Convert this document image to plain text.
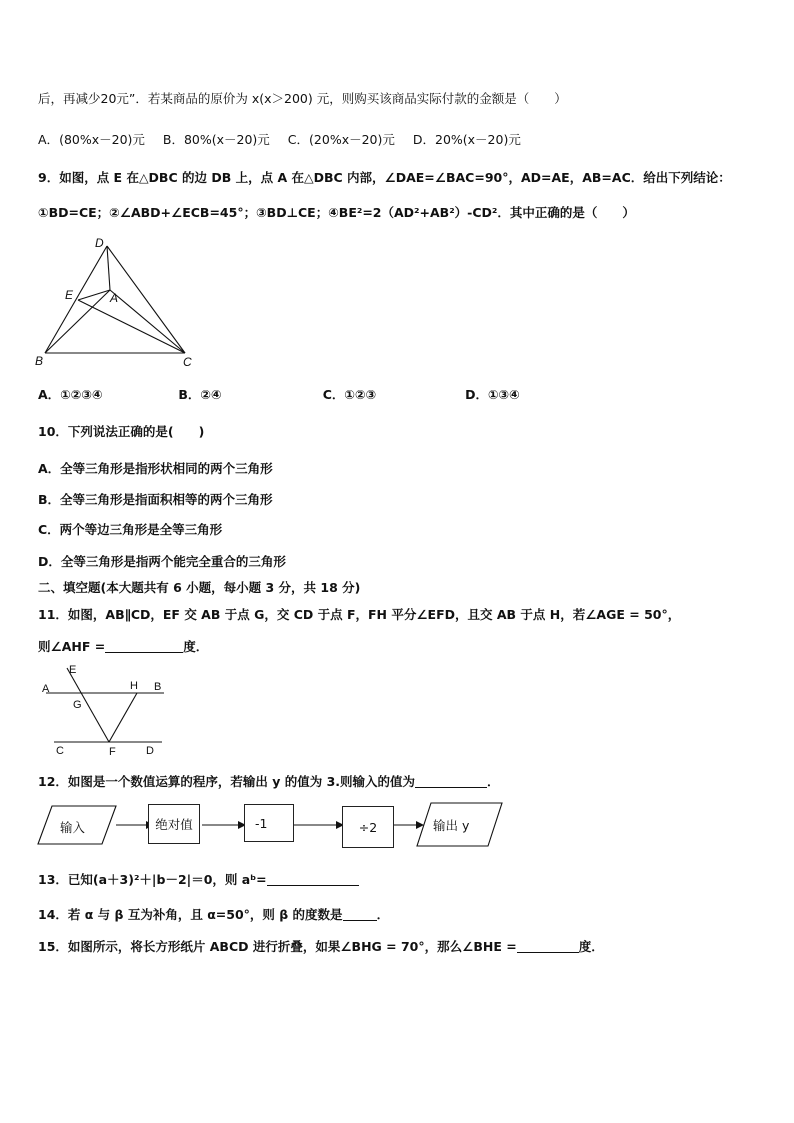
后，再减少20元”．若某商品的原价为 x(x＞200) 元，则购买该商品实际付款的金额是（　　）
A．(80%x－20)元 B．80%(x－20)元 C．(20%x－20)元 D．20%(x－20)元
9．如图，点 E 在△DBC 的边 DB 上，点 A 在△DBC 内部，∠DAE=∠BAC=90°，AD=AE，AB=AC．给出下列结论：
①BD=CE；②∠ABD+∠ECB=45°；③BD⊥CE；④BE²=2（AD²+AB²）-CD²．其中正确的是（　　）
D
E	A
B	C
A．①②③④	B．②④	C．①②③	D．①③④
10．下列说法正确的是(　　)
A．全等三角形是指形状相同的两个三角形
B．全等三角形是指面积相等的两个三角形
C．两个等边三角形是全等三角形
D．全等三角形是指两个能完全重合的三角形
二、填空题(本大题共有 6 小题，每小题 3 分，共 18 分)
11．如图，AB∥CD，EF 交 AB 于点 G，交 CD 于点 F，FH 平分∠EFD，且交 AB 于点 H，若∠AGE = 50°，
则∠AHF =	度．
E
A	H B
G
C	F	D
12．如图是一个数值运算的程序，若输出 y 的值为 3.则输入的值为	．
输入	绝对值	-1	÷2	输出 y
13．已知(a＋3)²＋|b－2|＝0，则 aᵇ=
14．若 α 与 β 互为补角，且 α=50°，则 β 的度数是	．
15．如图所示，将长方形纸片 ABCD 进行折叠，如果∠BHG = 70°，那么∠BHE =	度．
